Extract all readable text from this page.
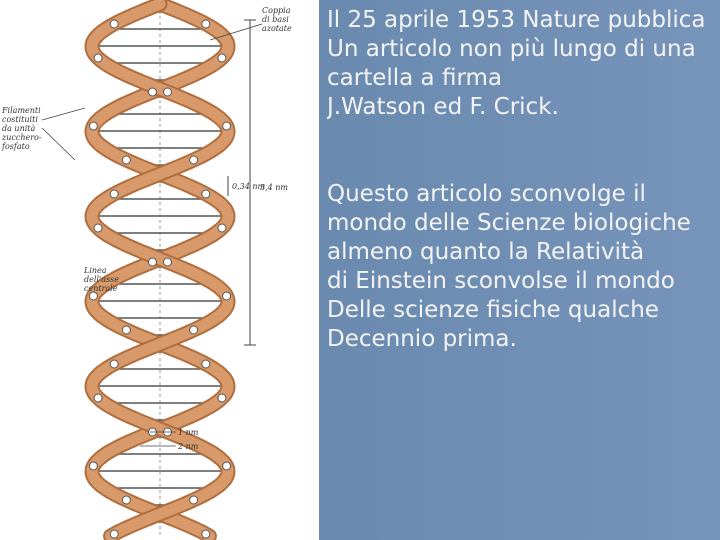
Coppia
di basi
azotate
Filamenti
costituiti
da unità
zucchero-
fosfato
Linea
dell'asse
centrale
0,34 nm
3,4 nm
1 nm
2 nm
Il 25 aprile 1953 Nature pubblica
Un articolo non più lungo di una
cartella a firma
J.Watson ed F. Crick.
Questo articolo sconvolge il
mondo delle Scienze biologiche
almeno quanto la Relatività
di Einstein sconvolse il mondo
Delle scienze fisiche qualche
Decennio prima.
